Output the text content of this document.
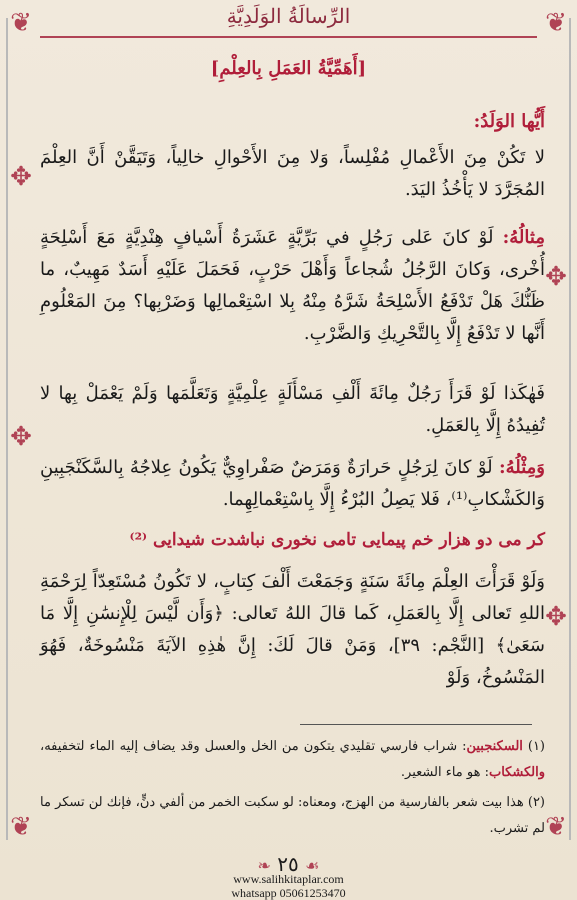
❦	❦
✥
✥
✥
✥
❦	❦
الرِّسالَةُ الوَلَدِيَّةِ
[أَهَمِّيَّةُ العَمَلِ بِالعِلْمِ]
أَيُّها الوَلَدُ:
لا تَكُنْ مِنَ الأَعْمالِ مُفْلِساً، وَلا مِنَ الأَحْوالِ خالِياً، وَتَيَقَّنْ أَنَّ العِلْمَ المُجَرَّدَ لا يَأْخُذُ اليَدَ.
مِثالُهُ: لَوْ كانَ عَلى رَجُلٍ في بَرِّيَّةٍ عَشَرَةُ أَسْيافٍ هِنْدِيَّةٍ مَعَ أَسْلِحَةٍ أُخْرى، وَكانَ الرَّجُلُ شُجاعاً وَأَهْلَ حَرْبٍ، فَحَمَلَ عَلَيْهِ أَسَدٌ مَهِيبٌ، ما ظَنُّكَ هَلْ تَدْفَعُ الأَسْلِحَةُ شَرَّهُ مِنْهُ بِلا اسْتِعْمالِها وَضَرْبِها؟ مِنَ المَعْلُومِ أَنَّها لا تَدْفَعُ إِلَّا بِالتَّحْرِيكِ وَالضَّرْبِ.
فَهٰكَذا لَوْ قَرَأَ رَجُلٌ مِائَةَ أَلْفِ مَسْأَلَةٍ عِلْمِيَّةٍ وَتَعَلَّمَها وَلَمْ يَعْمَلْ بِها لا تُفِيدُهُ إِلَّا بِالعَمَلِ.
وَمِثْلُهُ: لَوْ كانَ لِرَجُلٍ حَرارَةٌ وَمَرَضٌ صَفْراوِيٌّ يَكُونُ عِلاجُهُ بِالسَّكَنْجَبِينِ وَالكَشْكابِ⁽¹⁾، فَلا يَصِلُ البُرْءُ إِلَّا بِاسْتِعْمالِهِما.
كر مى دو هزار خم پيمايى تامى نخورى نباشدت شيدايى ⁽²⁾
وَلَوْ قَرَأْتَ العِلْمَ مِائَةَ سَنَةٍ وَجَمَعْتَ أَلْفَ كِتابٍ، لا تَكُونُ مُسْتَعِدّاً لِرَحْمَةِ اللهِ تَعالى إِلَّا بِالعَمَلِ، كَما قالَ اللهُ تَعالى: ﴿وَأَن لَّيْسَ لِلْإِنسَٰنِ إِلَّا مَا سَعَىٰ﴾ [النَّجْم: ٣٩]، وَمَنْ قالَ لَكَ: إِنَّ هٰذِهِ الآيَةَ مَنْسُوخَةٌ، فَهُوَ المَنْسُوخُ، وَلَوْ
(١) السكنجبين: شراب فارسي تقليدي يتكون من الخل والعسل وقد يضاف إليه الماء لتخفيفه، والكشكاب: هو ماء الشعير.
(٢) هذا بيت شعر بالفارسية من الهزج، ومعناه: لو سكبت الخمر من ألفي دنٍّ، فإنك لن تسكر ما لم تشرب.
❧ ٢٥ ☙
www.salihkitaplar.com
whatsapp 05061253470
